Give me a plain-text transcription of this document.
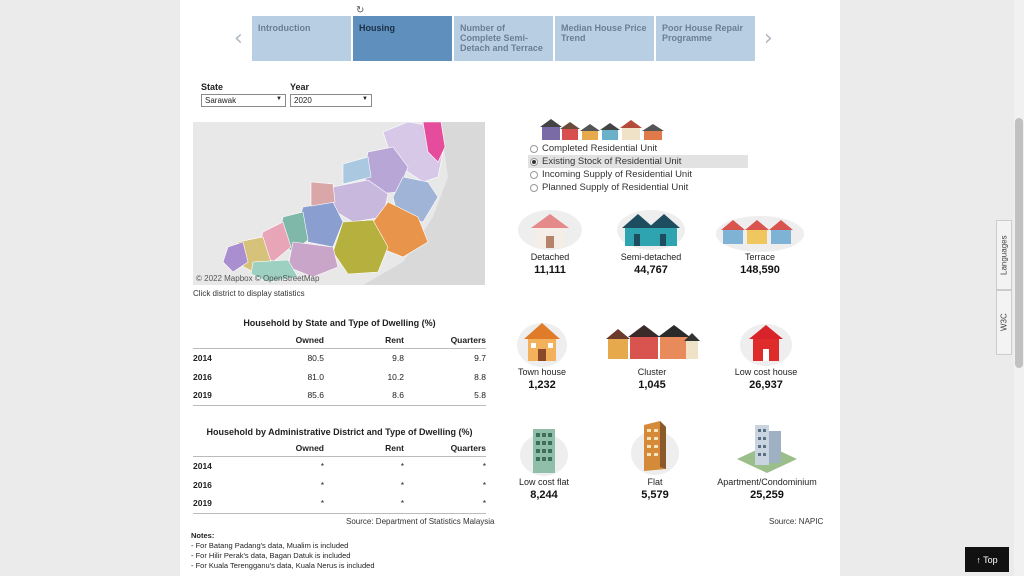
↻
‹	›
Introduction	Housing	Number of Complete Semi-Detach and Terrace
Median House Price Trend
Poor House Repair Programme
State
Sarawak	▼
Year
2020	▼
© 2022 Mapbox © OpenStreetMap
Click district to display statistics
Household by State and Type of Dwelling (%)
	Owned	Rent	Quarters
2014	80.5	9.8	9.7
2016	81.0	10.2	8.8
2019	85.6	8.6	5.8
Household by Administrative District and Type of Dwelling (%)
	Owned	Rent	Quarters
2014	*	*	*
2016	*	*	*
2019	*	*	*
Source: Department of Statistics Malaysia
Notes:
- For Batang Padang's data, Mualim is included
- For Hilir Perak's data, Bagan Datuk is included
- For Kuala Terengganu's data, Kuala Nerus is included
Completed Residential Unit
Existing Stock of Residential Unit
Incoming Supply of Residential Unit
Planned Supply of Residential Unit
Detached
11,111
Semi-detached
44,767
Terrace
148,590
Town house
1,232
Cluster
1,045
Low cost house
26,937
Low cost flat
8,244
Flat
5,579
Apartment/Condominium
25,259
Source: NAPIC
Languages
W3C
↑ Top
